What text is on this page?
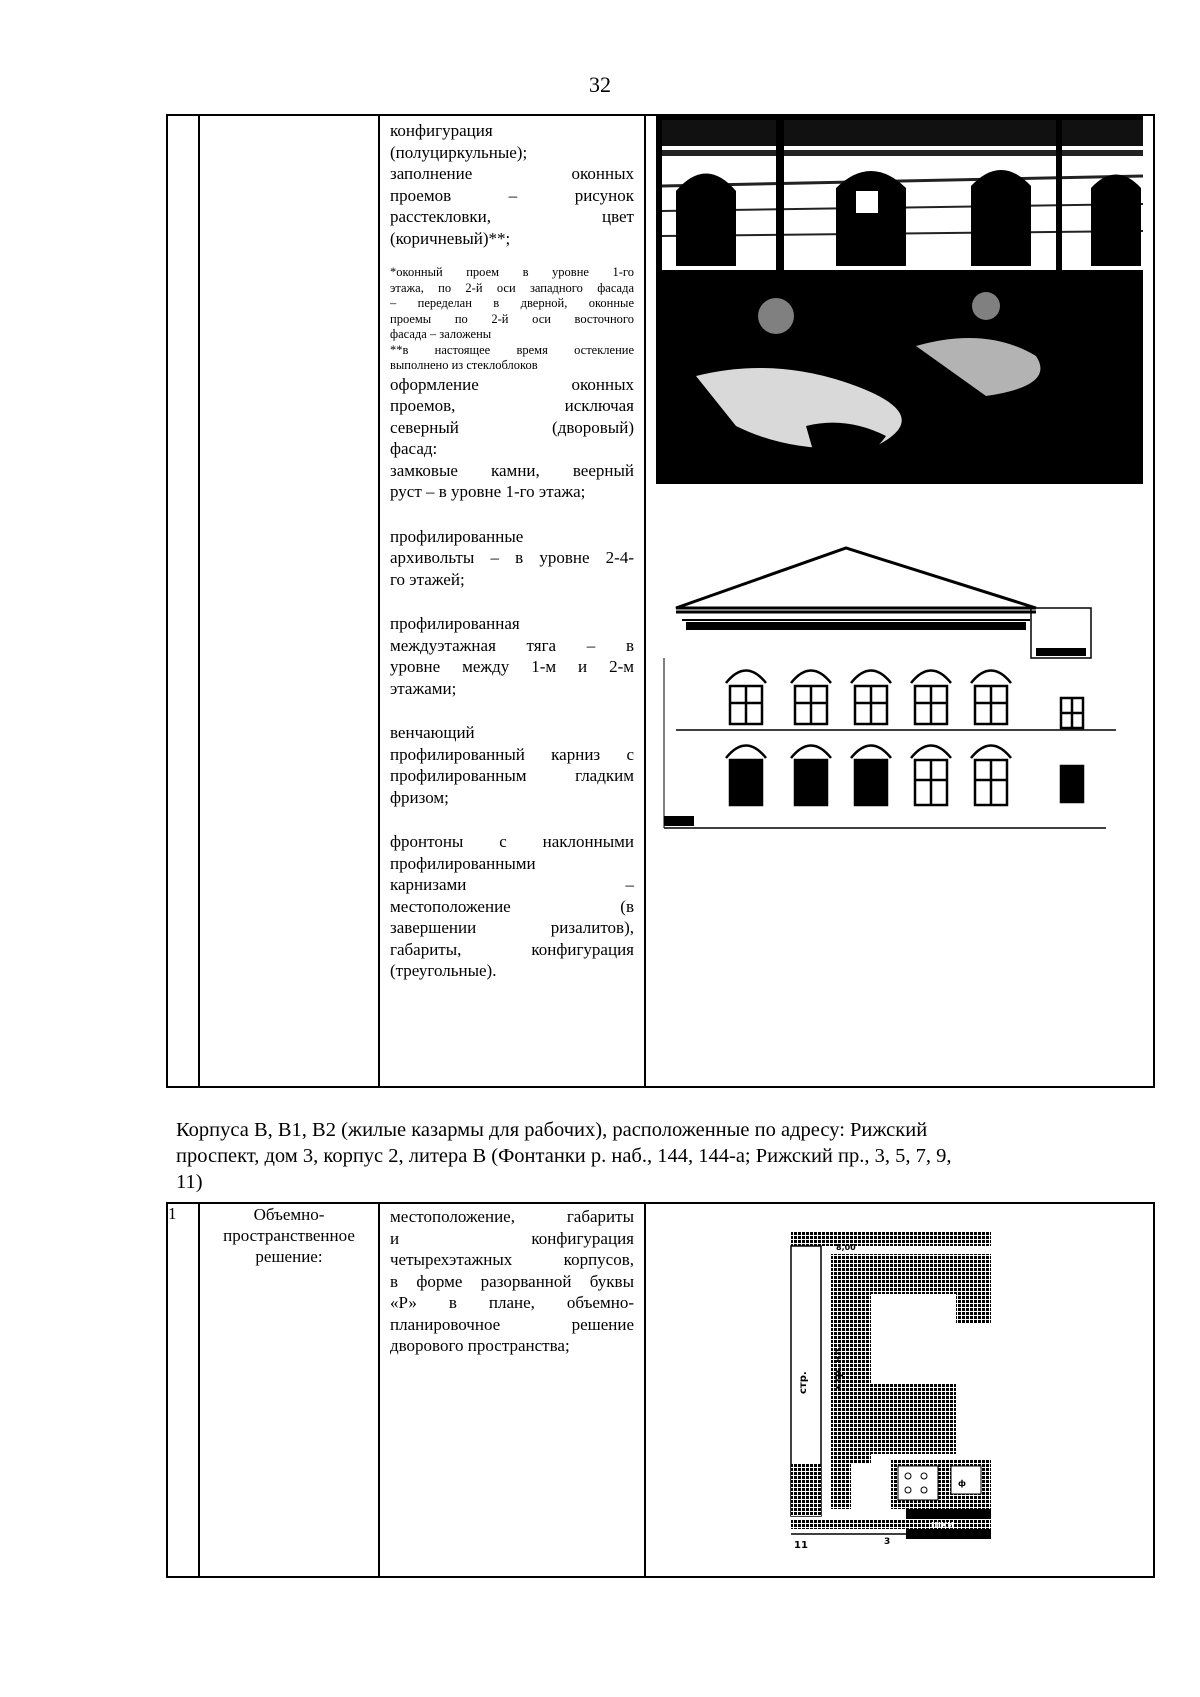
32

конфигурация
(полуциркульные);
заполнение оконных
проемов – рисунок
расстекловки, цвет
(коричневый)**;
*оконный проем в уровне 1-го
этажа, по 2-й оси западного фасада
– переделан в дверной, оконные
проемы по 2-й оси восточного
фасада – заложены
**в настоящее время остекление
выполнено из стеклоблоков
оформление оконных
проемов, исключая
северный (дворовый)
фасад:
замковые камни, веерный
руст – в уровне 1-го этажа;
профилированные
архивольты – в уровне 2-4-
го этажей;
профилированная
междуэтажная тяга – в
уровне между 1-м и 2-м
этажами;
венчающий
профилированный карниз с
профилированным гладким
фризом;
фронтоны с наклонными
профилированными
карнизами –
местоположение (в
завершении ризалитов),
габариты, конфигурация
(треугольные).

Корпуса В, В1, В2 (жилые казармы для рабочих), расположенные по адресу: Рижский
проспект, дом 3, корпус 2, литера В (Фонтанки р. наб., 144, 144-а; Рижский пр., 3, 5, 7, 9,
11)
1	Объемно-
пространственное
решение:

местоположение, габариты
и конфигурация
четырехэтажных корпусов,
в форме разорванной буквы
«Р» в плане, объемно-
планировочное решение
дворового пространства;

стр. стр. нл.
8,00
ф
ШКИ
11	3
